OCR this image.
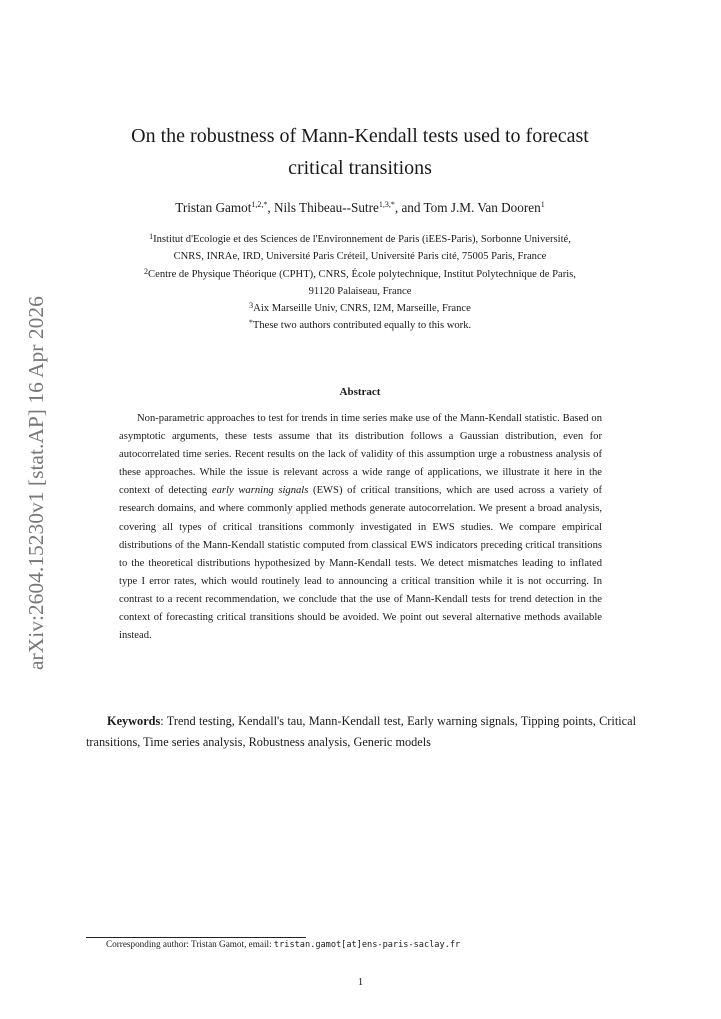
arXiv:2604.15230v1 [stat.AP] 16 Apr 2026
On the robustness of Mann-Kendall tests used to forecast
critical transitions
Tristan Gamot$^{1,2,*}$, Nils Thibeau--Sutre$^{1,3,*}$, and Tom J.M. Van Dooren$^1$
$^1$Institut d'Ecologie et des Sciences de l'Environnement de Paris (iEES-Paris), Sorbonne Université,
CNRS, INRAe, IRD, Université Paris Créteil, Université Paris cité, 75005 Paris, France
$^2$Centre de Physique Théorique (CPHT), CNRS, École polytechnique, Institut Polytechnique de Paris,
91120 Palaiseau, France
$^3$Aix Marseille Univ, CNRS, I2M, Marseille, France
*These two authors contributed equally to this work.
Abstract

Non-parametric approaches to test for trends in time series make use of the Mann-Kendall statistic. Based on asymptotic arguments, these tests assume that its distribution follows a Gaussian distribution, even for autocorrelated time series. Recent results on the lack of validity of this assumption urge a robustness analysis of these approaches. While the issue is relevant across a wide range of applications, we illustrate it here in the context of detecting early warning signals (EWS) of critical transitions, which are used across a variety of research domains, and where commonly applied methods generate autocorrelation. We present a broad analysis, covering all types of critical transitions commonly investigated in EWS studies. We compare empirical distributions of the Mann-Kendall statistic computed from classical EWS indicators preceding critical transitions to the theoretical distributions hypothesized by Mann-Kendall tests. We detect mismatches leading to inflated type I error rates, which would routinely lead to announcing a critical transition while it is not occurring. In contrast to a recent recommendation, we conclude that the use of Mann-Kendall tests for trend detection in the context of forecasting critical transitions should be avoided. We point out several alternative methods available instead.

Keywords: Trend testing, Kendall's tau, Mann-Kendall test, Early warning signals, Tipping points, Critical transitions, Time series analysis, Robustness analysis, Generic models

Corresponding author: Tristan Gamot, email: tristan.gamot[at]ens-paris-saclay.fr
1
